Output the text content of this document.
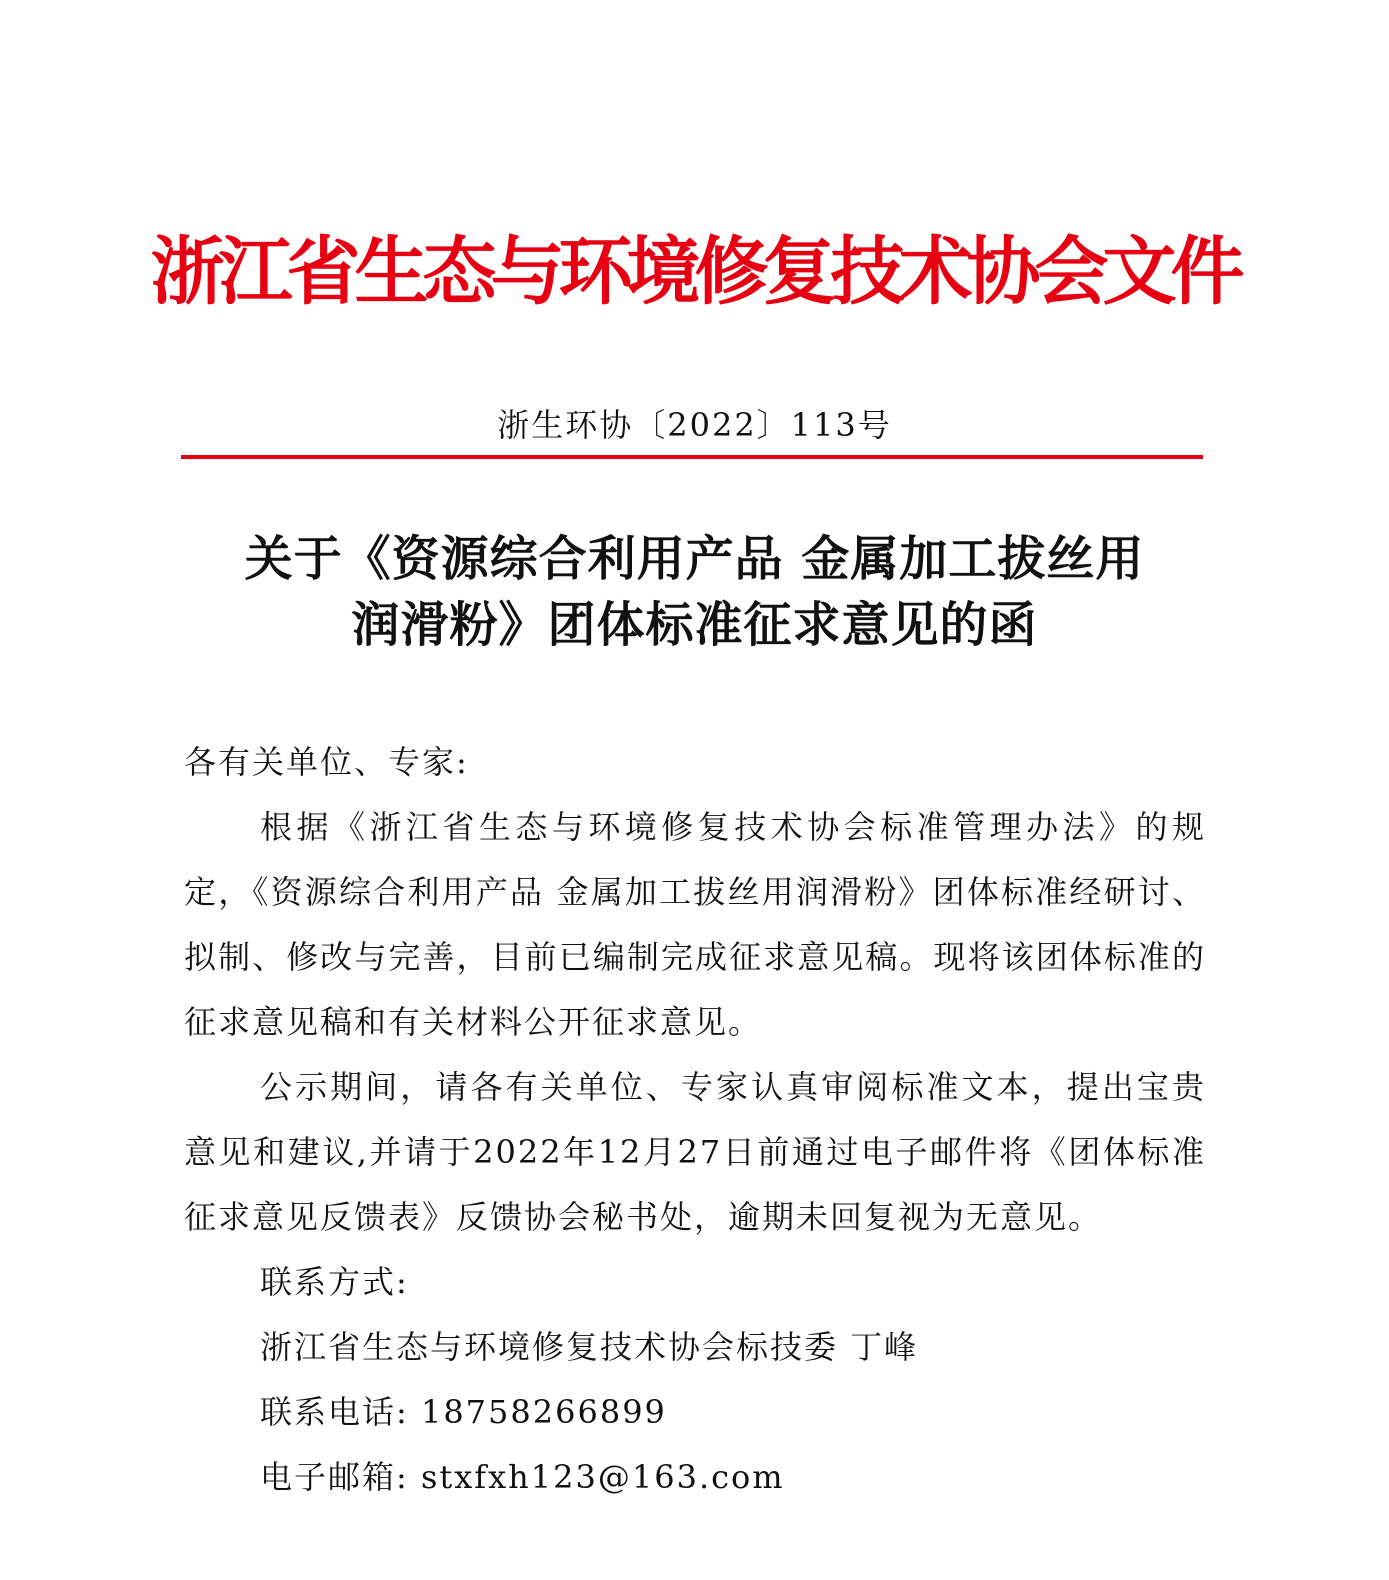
浙江省生态与环境修复技术协会文件
浙生环协〔2022〕113号
关于《资源综合利用产品 金属加工拔丝用
润滑粉》团体标准征求意见的函

各有关单位、专家:

根据《浙江省生态与环境修复技术协会标准管理办法》的规定，《资源综合利用产品 金属加工拔丝用润滑粉》团体标准经研讨、拟制、修改与完善，目前已编制完成征求意见稿。现将该团体标准的征求意见稿和有关材料公开征求意见。

公示期间，请各有关单位、专家认真审阅标准文本，提出宝贵意见和建议,并请于2022年12月27日前通过电子邮件将《团体标准征求意见反馈表》反馈协会秘书处，逾期未回复视为无意见。

联系方式:

浙江省生态与环境修复技术协会标技委 丁峰

联系电话: 18758266899

电子邮箱: stxfxh123@163.com
